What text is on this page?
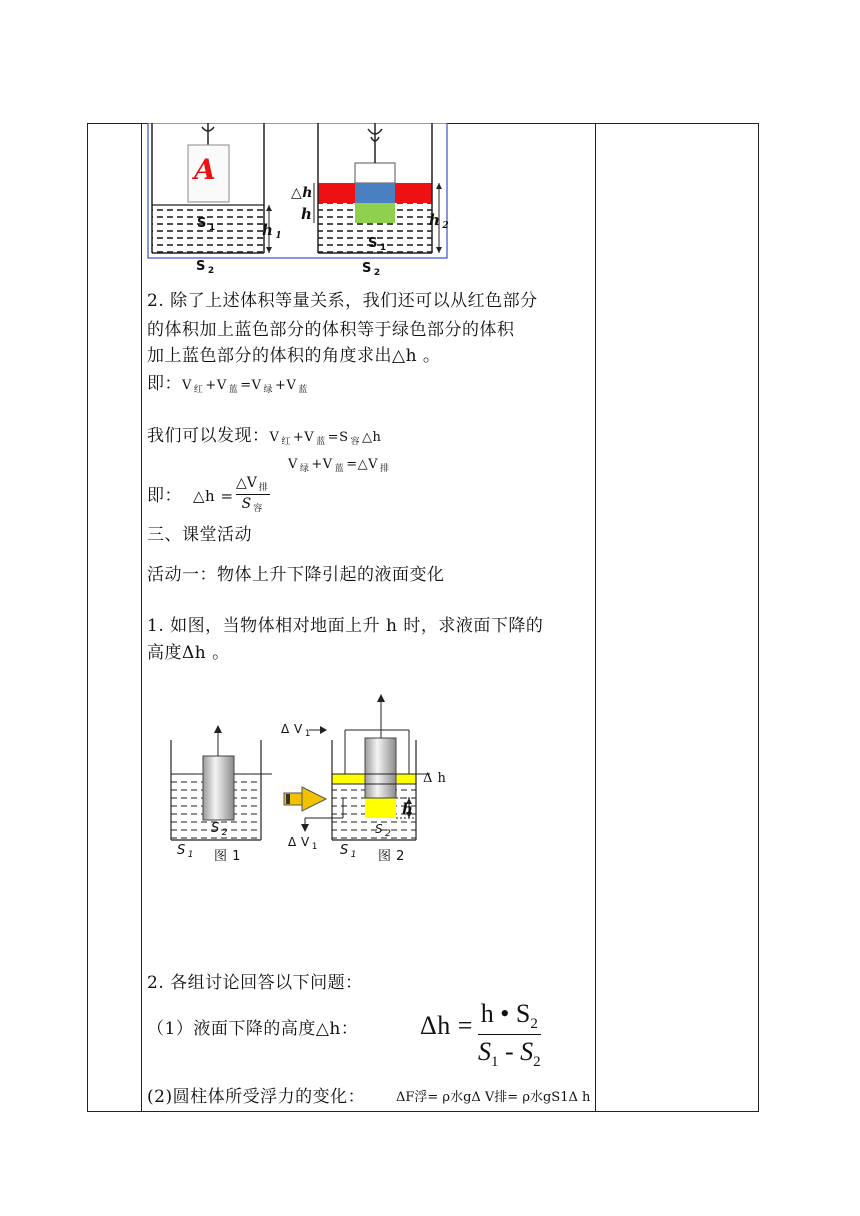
S $_1$	h $_1$
S $_2$
A
△h
h	h $_2$
S $_1$
S $_2$
2. 除了上述体积等量关系，我们还可以从红色部分
的体积加上蓝色部分的体积等于绿色部分的体积
加上蓝色部分的体积的角度求出△h 。
即：V 红 +V 蓝 =V 绿 +V 蓝
我们可以发现：V 红 +V 蓝 =S 容 △h
V 绿 +V 蓝 =△V 排
即： △h =
△V $_排$
S $_容$
三、课堂活动
活动一：物体上升下降引起的液面变化
1. 如图，当物体相对地面上升 h 时，求液面下降的
高度Δh 。
S $_1$
S $_2$
图 1
Δ V $_1$
Δ h
h
S $_2$
Δ V $_1$ S $_1$ 图 2
2. 各组讨论回答以下问题：
（1）液面下降的高度△h： Δh = h • $S_2$
$S_1 - S_2$
(2)圆柱体所受浮力的变化： ΔF浮= ρ水gΔ V排= ρ水gS1Δ h
